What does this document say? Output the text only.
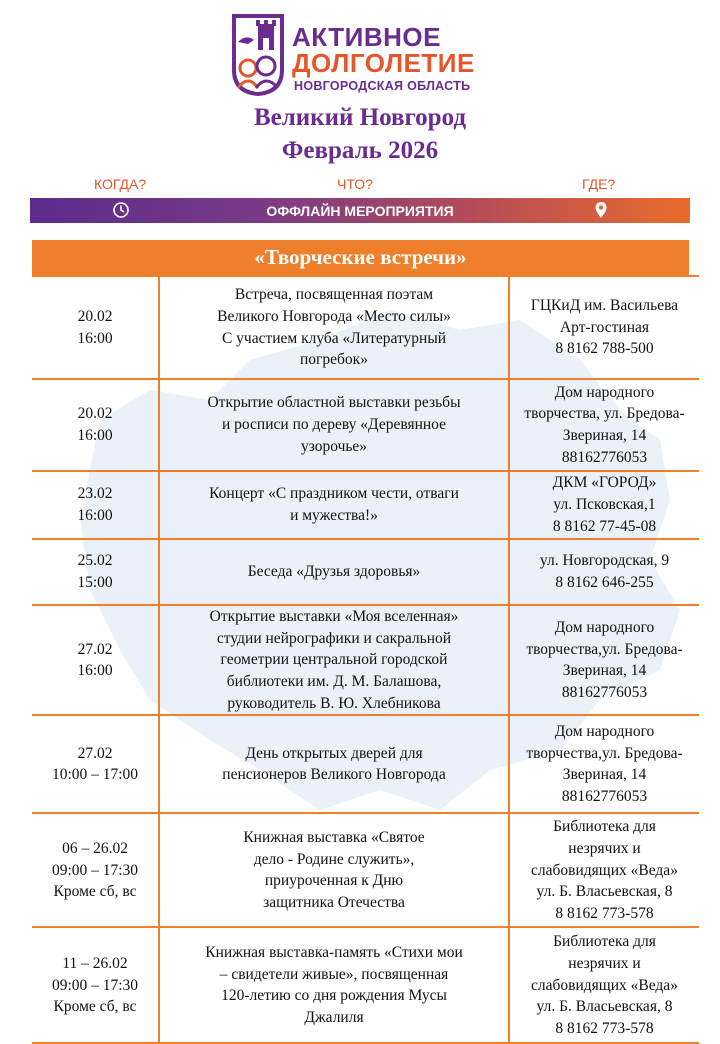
АКТИВНОЕ
ДОЛГОЛЕТИЕ
НОВГОРОДСКАЯ ОБЛАСТЬ
Великий Новгород
Февраль 2026
КОГДА?	ЧТО?	ГДЕ?
ОФФЛАЙН МЕРОПРИЯТИЯ
«Творческие встречи»
20.02
16:00	Встреча, посвященная поэтам
Великого Новгорода «Место силы»
С участием клуба «Литературный
погребок»	ГЦКиД им. Васильева
Арт-гостиная
8 8162 788-500

20.02
16:00	Открытие областной выставки резьбы
и росписи по дереву «Деревянное
узорочье»	Дом народного
творчества, ул. Бредова-
Звериная, 14
88162776053

23.02
16:00	Концерт «С праздником чести, отваги
и мужества!»	ДКМ «ГОРОД»
ул. Псковская,1
8 8162 77-45-08

25.02
15:00	Беседа «Друзья здоровья»	ул. Новгородская, 9
8 8162 646-255

27.02
16:00	Открытие выставки «Моя вселенная»
студии нейрографики и сакральной
геометрии центральной городской
библиотеки им. Д. М. Балашова,
руководитель В. Ю. Хлебникова	Дом народного
творчества,ул. Бредова-
Звериная, 14
88162776053

27.02
10:00 – 17:00	День открытых дверей для
пенсионеров Великого Новгорода	Дом народного
творчества,ул. Бредова-
Звериная, 14
88162776053

06 – 26.02
09:00 – 17:30
Кроме сб, вс	Книжная выставка «Святое
дело - Родине служить»,
приуроченная к Дню
защитника Отечества	Библиотека для
незрячих и
слабовидящих «Веда»
ул. Б. Власьевская, 8
8 8162 773-578

11 – 26.02
09:00 – 17:30
Кроме сб, вс	Книжная выставка-память «Стихи мои
– свидетели живые», посвященная
120-летию со дня рождения Мусы
Джалиля	Библиотека для
незрячих и
слабовидящих «Веда»
ул. Б. Власьевская, 8
8 8162 773-578
